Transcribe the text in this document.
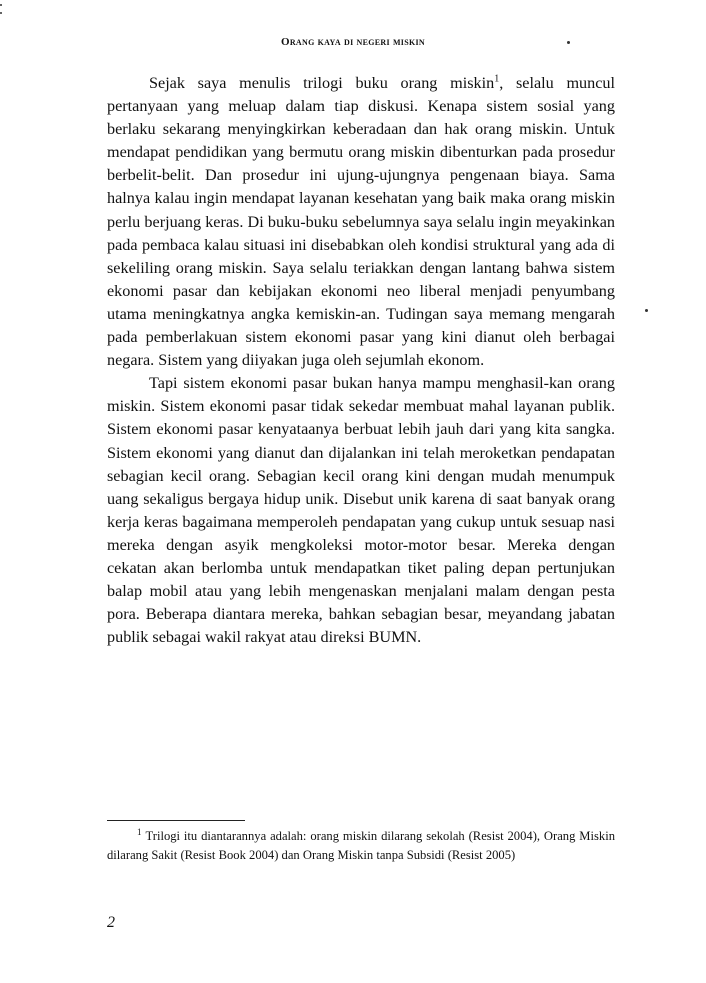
Orang kaya di negeri miskin

Sejak saya menulis trilogi buku orang miskin$^1$, selalu muncul pertanyaan yang meluap dalam tiap diskusi. Kenapa sistem sosial yang berlaku sekarang menyingkirkan keberadaan dan hak orang miskin. Untuk mendapat pendidikan yang bermutu orang miskin dibenturkan pada prosedur berbelit-belit. Dan prosedur ini ujung-ujungnya pengenaan biaya. Sama halnya kalau ingin mendapat layanan kesehatan yang baik maka orang miskin perlu berjuang keras. Di buku-buku sebelumnya saya selalu ingin meyakinkan pada pembaca kalau situasi ini disebabkan oleh kondisi struktural yang ada di sekeliling orang miskin. Saya selalu teriakkan dengan lantang bahwa sistem ekonomi pasar dan kebijakan ekonomi neo liberal menjadi penyumbang utama meningkatnya angka kemiskin-an. Tudingan saya memang mengarah pada pemberlakuan sistem ekonomi pasar yang kini dianut oleh berbagai negara. Sistem yang diiyakan juga oleh sejumlah ekonom.

Tapi sistem ekonomi pasar bukan hanya mampu menghasil-kan orang miskin. Sistem ekonomi pasar tidak sekedar membuat mahal layanan publik. Sistem ekonomi pasar kenyataanya berbuat lebih jauh dari yang kita sangka. Sistem ekonomi yang dianut dan dijalankan ini telah meroketkan pendapatan sebagian kecil orang. Sebagian kecil orang kini dengan mudah menumpuk uang sekaligus bergaya hidup unik. Disebut unik karena di saat banyak orang kerja keras bagaimana memperoleh pendapatan yang cukup untuk sesuap nasi mereka dengan asyik mengkoleksi motor-motor besar. Mereka dengan cekatan akan berlomba untuk mendapatkan tiket paling depan pertunjukan balap mobil atau yang lebih mengenaskan menjalani malam dengan pesta pora. Beberapa diantara mereka, bahkan sebagian besar, meyandang jabatan publik sebagai wakil rakyat atau direksi BUMN.

$^1$ Trilogi itu diantarannya adalah: orang miskin dilarang sekolah (Resist 2004), Orang Miskin dilarang Sakit (Resist Book 2004) dan Orang Miskin tanpa Subsidi (Resist 2005)

2
